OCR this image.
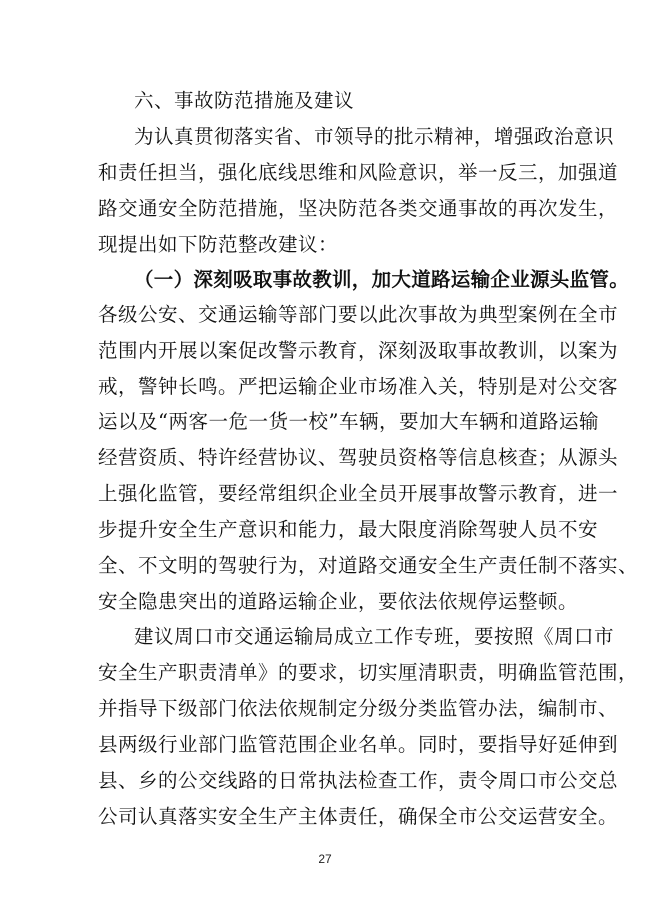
六、事故防范措施及建议
为认真贯彻落实省、市领导的批示精神，增强政治意识
和责任担当，强化底线思维和风险意识，举一反三，加强道
路交通安全防范措施，坚决防范各类交通事故的再次发生，
现提出如下防范整改建议：
（一）深刻吸取事故教训，加大道路运输企业源头监管。
各级公安、交通运输等部门要以此次事故为典型案例在全市
范围内开展以案促改警示教育，深刻汲取事故教训，以案为
戒，警钟长鸣。严把运输企业市场准入关，特别是对公交客
运以及“两客一危一货一校”车辆，要加大车辆和道路运输
经营资质、特许经营协议、驾驶员资格等信息核查；从源头
上强化监管，要经常组织企业全员开展事故警示教育，进一
步提升安全生产意识和能力，最大限度消除驾驶人员不安
全、不文明的驾驶行为，对道路交通安全生产责任制不落实、
安全隐患突出的道路运输企业，要依法依规停运整顿。
建议周口市交通运输局成立工作专班，要按照《周口市
安全生产职责清单》的要求，切实厘清职责，明确监管范围，
并指导下级部门依法依规制定分级分类监管办法，编制市、
县两级行业部门监管范围企业名单。同时，要指导好延伸到
县、乡的公交线路的日常执法检查工作，责令周口市公交总
公司认真落实安全生产主体责任，确保全市公交运营安全。
27
